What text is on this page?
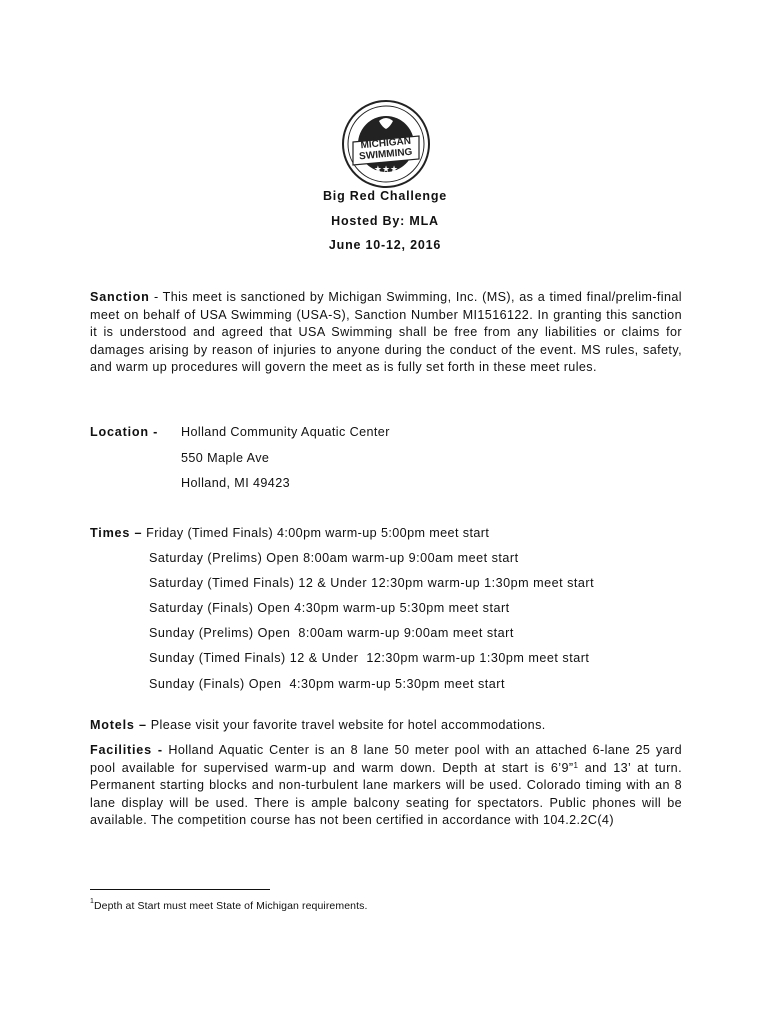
MICHIGAN
SWIMMING
★★★
Big Red Challenge
Hosted By: MLA
June 10-12, 2016
Sanction - This meet is sanctioned by Michigan Swimming, Inc. (MS), as a timed final/prelim-final meet on behalf of USA Swimming (USA-S), Sanction Number MI1516122. In granting this sanction it is understood and agreed that USA Swimming shall be free from any liabilities or claims for damages arising by reason of injuries to anyone during the conduct of the event. MS rules, safety, and warm up procedures will govern the meet as is fully set forth in these meet rules.
Location - Holland Community Aquatic Center
550 Maple Ave
Holland, MI 49423
Times – Friday (Timed Finals) 4:00pm warm-up 5:00pm meet start
Saturday (Prelims) Open 8:00am warm-up 9:00am meet start
Saturday (Timed Finals) 12 & Under 12:30pm warm-up 1:30pm meet start
Saturday (Finals) Open 4:30pm warm-up 5:30pm meet start
Sunday (Prelims) Open  8:00am warm-up 9:00am meet start
Sunday (Timed Finals) 12 & Under  12:30pm warm-up 1:30pm meet start
Sunday (Finals) Open  4:30pm warm-up 5:30pm meet start
Motels – Please visit your favorite travel website for hotel accommodations.
Facilities - Holland Aquatic Center is an 8 lane 50 meter pool with an attached 6-lane 25 yard pool available for supervised warm-up and warm down. Depth at start is 6’9”$^1$ and 13’ at turn. Permanent starting blocks and non-turbulent lane markers will be used. Colorado timing with an 8 lane display will be used. There is ample balcony seating for spectators. Public phones will be available. The competition course has not been certified in accordance with 104.2.2C(4)
$^1$Depth at Start must meet State of Michigan requirements.
